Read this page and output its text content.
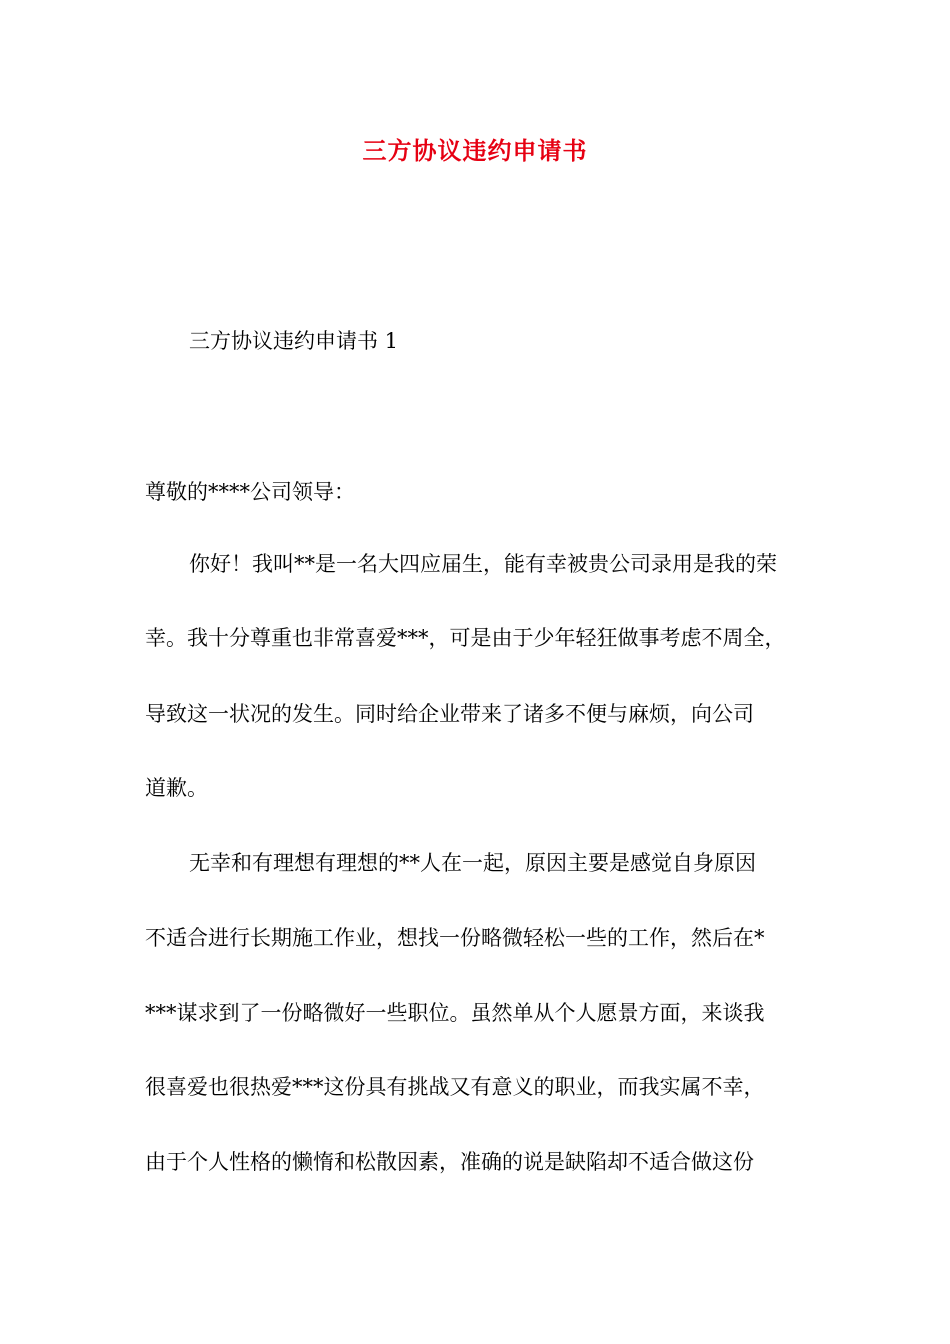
三方协议违约申请书
三方协议违约申请书 1
尊敬的****公司领导：
你好！我叫**是一名大四应届生，能有幸被贵公司录用是我的荣
幸。我十分尊重也非常喜爱***，可是由于少年轻狂做事考虑不周全，
导致这一状况的发生。同时给企业带来了诸多不便与麻烦，向公司
道歉。
无幸和有理想有理想的**人在一起，原因主要是感觉自身原因
不适合进行长期施工作业，想找一份略微轻松一些的工作，然后在*
***谋求到了一份略微好一些职位。虽然单从个人愿景方面，来谈我
很喜爱也很热爱***这份具有挑战又有意义的职业，而我实属不幸，
由于个人性格的懒惰和松散因素，准确的说是缺陷却不适合做这份
